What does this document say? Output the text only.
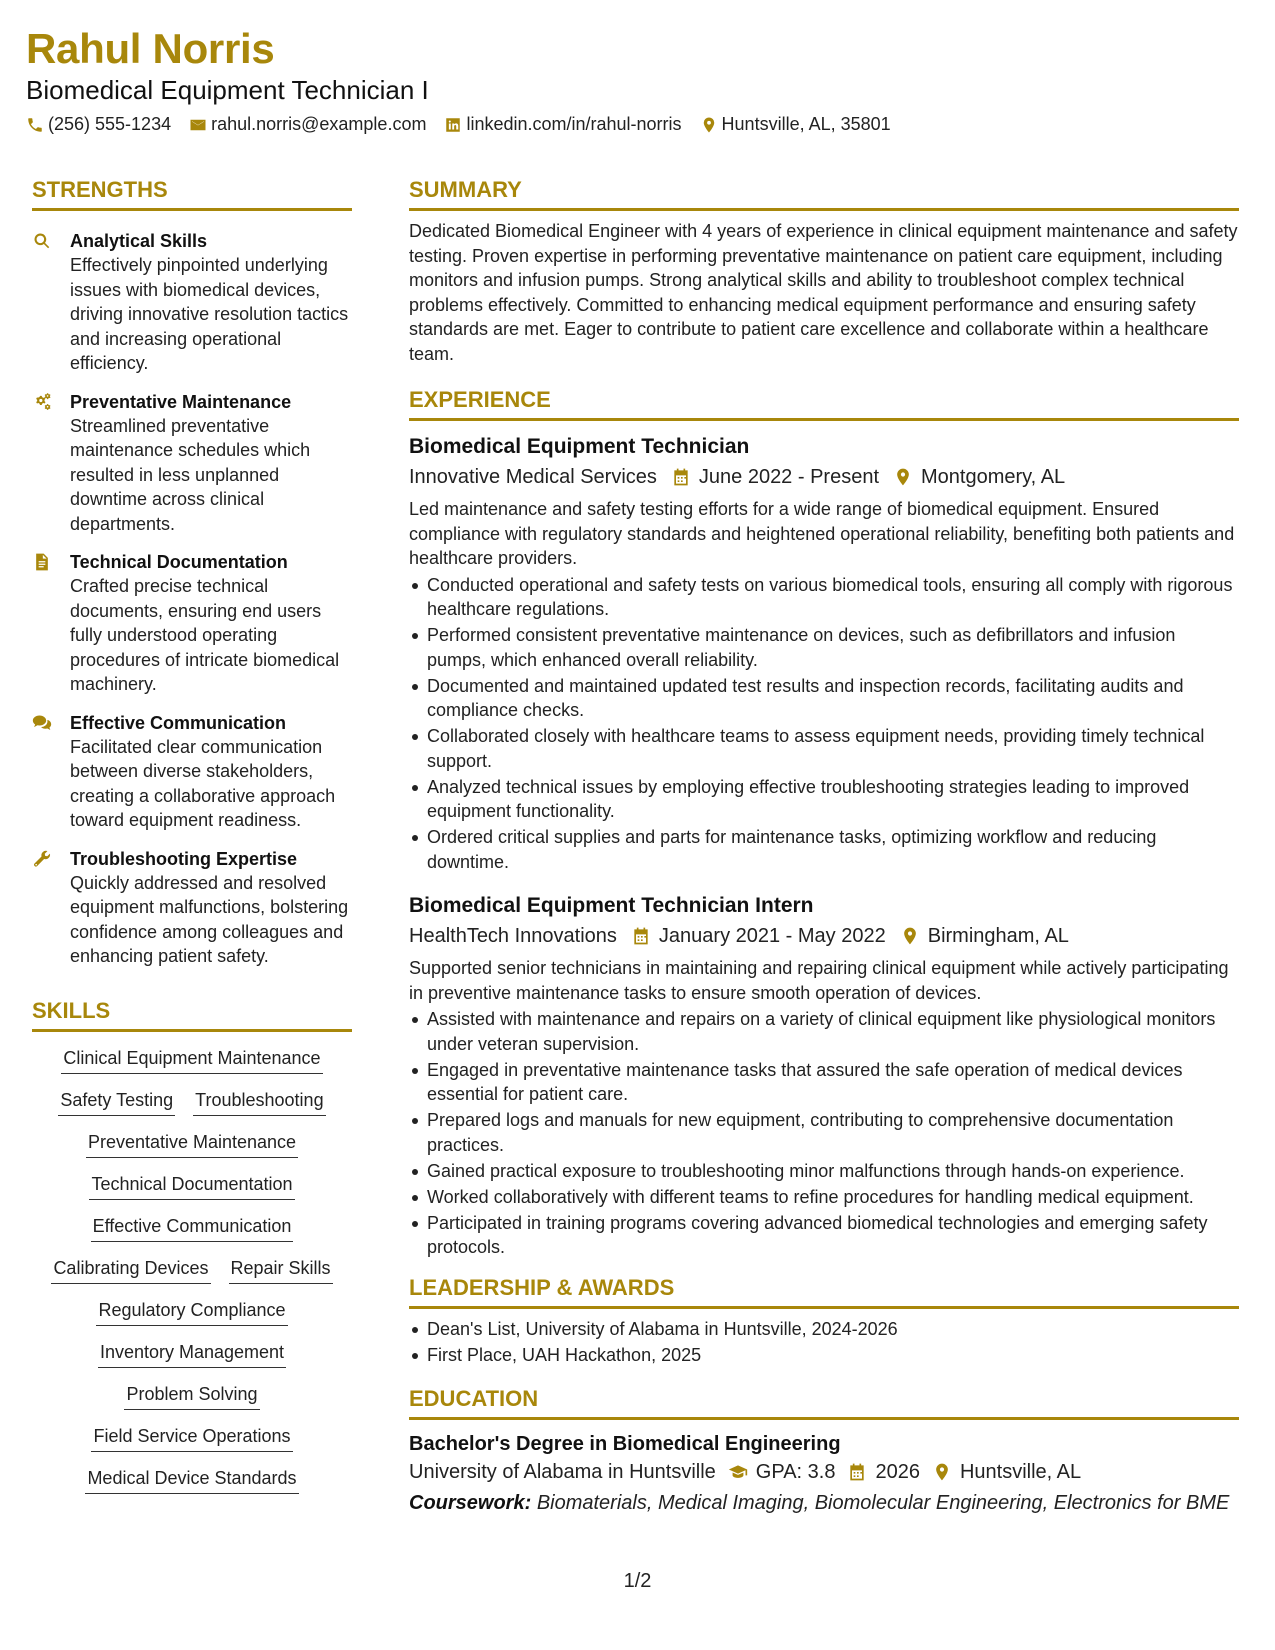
Rahul Norris
Biomedical Equipment Technician I
(256) 555-1234 rahul.norris@example.com linkedin.com/in/rahul-norris Huntsville, AL, 35801
STRENGTHS
Analytical Skills
Effectively pinpointed underlying issues with biomedical devices, driving innovative resolution tactics and increasing operational efficiency.
Preventative Maintenance
Streamlined preventative maintenance schedules which resulted in less unplanned downtime across clinical departments.
Technical Documentation
Crafted precise technical documents, ensuring end users fully understood operating procedures of intricate biomedical machinery.
Effective Communication
Facilitated clear communication between diverse stakeholders, creating a collaborative approach toward equipment readiness.
Troubleshooting Expertise
Quickly addressed and resolved equipment malfunctions, bolstering confidence among colleagues and enhancing patient safety.
SKILLS
Clinical Equipment Maintenance
Safety Testing Troubleshooting
Preventative Maintenance
Technical Documentation
Effective Communication
Calibrating Devices Repair Skills
Regulatory Compliance
Inventory Management
Problem Solving
Field Service Operations
Medical Device Standards
SUMMARY
Dedicated Biomedical Engineer with 4 years of experience in clinical equipment maintenance and safety testing. Proven expertise in performing preventative maintenance on patient care equipment, including monitors and infusion pumps. Strong analytical skills and ability to troubleshoot complex technical problems effectively. Committed to enhancing medical equipment performance and ensuring safety standards are met. Eager to contribute to patient care excellence and collaborate within a healthcare team.
EXPERIENCE
Biomedical Equipment Technician
Innovative Medical Services June 2022 - Present Montgomery, AL
Led maintenance and safety testing efforts for a wide range of biomedical equipment. Ensured compliance with regulatory standards and heightened operational reliability, benefiting both patients and healthcare providers.
Conducted operational and safety tests on various biomedical tools, ensuring all comply with rigorous healthcare regulations.
Performed consistent preventative maintenance on devices, such as defibrillators and infusion pumps, which enhanced overall reliability.
Documented and maintained updated test results and inspection records, facilitating audits and compliance checks.
Collaborated closely with healthcare teams to assess equipment needs, providing timely technical support.
Analyzed technical issues by employing effective troubleshooting strategies leading to improved equipment functionality.
Ordered critical supplies and parts for maintenance tasks, optimizing workflow and reducing downtime.
Biomedical Equipment Technician Intern
HealthTech Innovations January 2021 - May 2022 Birmingham, AL
Supported senior technicians in maintaining and repairing clinical equipment while actively participating in preventive maintenance tasks to ensure smooth operation of devices.
Assisted with maintenance and repairs on a variety of clinical equipment like physiological monitors under veteran supervision.
Engaged in preventative maintenance tasks that assured the safe operation of medical devices essential for patient care.
Prepared logs and manuals for new equipment, contributing to comprehensive documentation practices.
Gained practical exposure to troubleshooting minor malfunctions through hands-on experience.
Worked collaboratively with different teams to refine procedures for handling medical equipment.
Participated in training programs covering advanced biomedical technologies and emerging safety protocols.
LEADERSHIP & AWARDS
Dean's List, University of Alabama in Huntsville, 2024-2026
First Place, UAH Hackathon, 2025
EDUCATION
Bachelor's Degree in Biomedical Engineering
University of Alabama in Huntsville GPA: 3.8 2026 Huntsville, AL
Coursework: Biomaterials, Medical Imaging, Biomolecular Engineering, Electronics for BME
1/2
